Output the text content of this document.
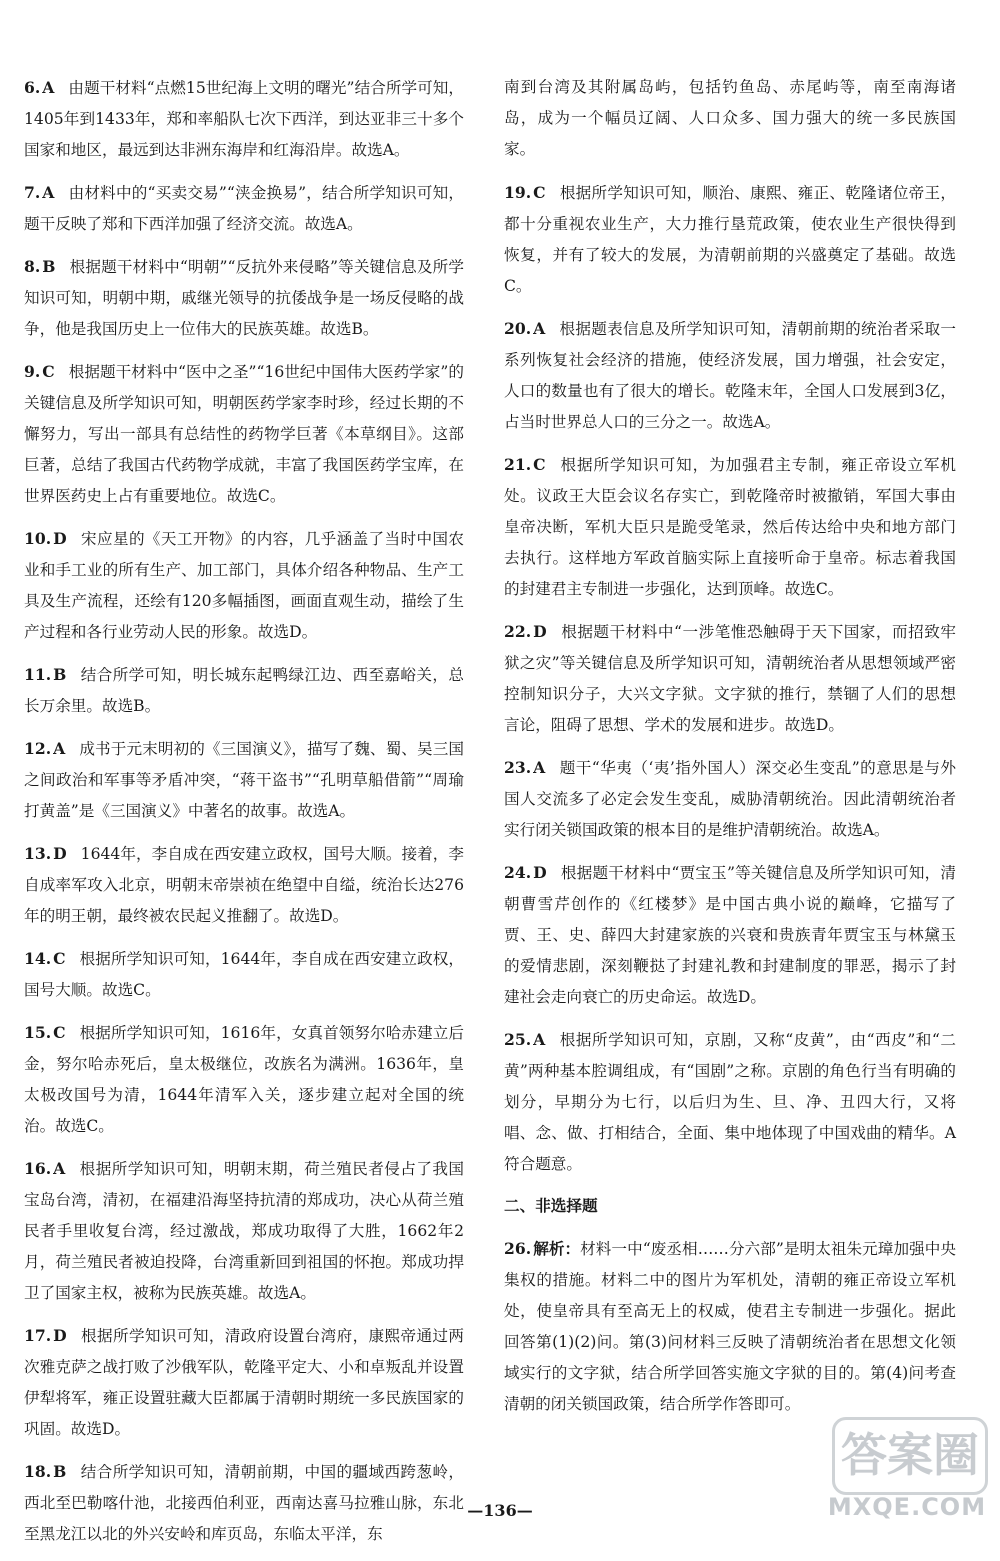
6. A 由题干材料“点燃15世纪海上文明的曙光”结合所学可知，1405年到1433年，郑和率船队七次下西洋，到达亚非三十多个国家和地区，最远到达非洲东海岸和红海沿岸。故选A。

7. A 由材料中的“买卖交易”“浃金换易”，结合所学知识可知，题干反映了郑和下西洋加强了经济交流。故选A。

8. B 根据题干材料中“明朝”“反抗外来侵略”等关键信息及所学知识可知，明朝中期，戚继光领导的抗倭战争是一场反侵略的战争，他是我国历史上一位伟大的民族英雄。故选B。

9. C 根据题干材料中“医中之圣”“16世纪中国伟大医药学家”的关键信息及所学知识可知，明朝医药学家李时珍，经过长期的不懈努力，写出一部具有总结性的药物学巨著《本草纲目》。这部巨著，总结了我国古代药物学成就，丰富了我国医药学宝库，在世界医药史上占有重要地位。故选C。

10. D 宋应星的《天工开物》的内容，几乎涵盖了当时中国农业和手工业的所有生产、加工部门，具体介绍各种物品、生产工具及生产流程，还绘有120多幅插图，画面直观生动，描绘了生产过程和各行业劳动人民的形象。故选D。

11. B 结合所学可知，明长城东起鸭绿江边、西至嘉峪关，总长万余里。故选B。

12. A 成书于元末明初的《三国演义》，描写了魏、蜀、吴三国之间政治和军事等矛盾冲突，“蒋干盗书”“孔明草船借箭”“周瑜打黄盖”是《三国演义》中著名的故事。故选A。

13. D 1644年，李自成在西安建立政权，国号大顺。接着，李自成率军攻入北京，明朝末帝崇祯在绝望中自缢，统治长达276年的明王朝，最终被农民起义推翻了。故选D。

14. C 根据所学知识可知，1644年，李自成在西安建立政权，国号大顺。故选C。

15. C 根据所学知识可知，1616年，女真首领努尔哈赤建立后金，努尔哈赤死后，皇太极继位，改族名为满洲。1636年，皇太极改国号为清，1644年清军入关，逐步建立起对全国的统治。故选C。

16. A 根据所学知识可知，明朝末期，荷兰殖民者侵占了我国宝岛台湾，清初，在福建沿海坚持抗清的郑成功，决心从荷兰殖民者手里收复台湾，经过激战，郑成功取得了大胜，1662年2月，荷兰殖民者被迫投降，台湾重新回到祖国的怀抱。郑成功捍卫了国家主权，被称为民族英雄。故选A。

17. D 根据所学知识可知，清政府设置台湾府，康熙帝通过两次雅克萨之战打败了沙俄军队，乾隆平定大、小和卓叛乱并设置伊犁将军，雍正设置驻藏大臣都属于清朝时期统一多民族国家的巩固。故选D。

18. B 结合所学知识可知，清朝前期，中国的疆域西跨葱岭，西北至巴勒喀什池，北接西伯利亚，西南达喜马拉雅山脉，东北至黑龙江以北的外兴安岭和库页岛，东临太平洋，东

南到台湾及其附属岛屿，包括钓鱼岛、赤尾屿等，南至南海诸岛，成为一个幅员辽阔、人口众多、国力强大的统一多民族国家。

19. C 根据所学知识可知，顺治、康熙、雍正、乾隆诸位帝王，都十分重视农业生产，大力推行垦荒政策，使农业生产很快得到恢复，并有了较大的发展，为清朝前期的兴盛奠定了基础。故选C。

20. A 根据题表信息及所学知识可知，清朝前期的统治者采取一系列恢复社会经济的措施，使经济发展，国力增强，社会安定，人口的数量也有了很大的增长。乾隆末年，全国人口发展到3亿，占当时世界总人口的三分之一。故选A。

21. C 根据所学知识可知，为加强君主专制，雍正帝设立军机处。议政王大臣会议名存实亡，到乾隆帝时被撤销，军国大事由皇帝决断，军机大臣只是跪受笔录，然后传达给中央和地方部门去执行。这样地方军政首脑实际上直接听命于皇帝。标志着我国的封建君主专制进一步强化，达到顶峰。故选C。

22. D 根据题干材料中“一涉笔惟恐触碍于天下国家，而招致牢狱之灾”等关键信息及所学知识可知，清朝统治者从思想领域严密控制知识分子，大兴文字狱。文字狱的推行，禁锢了人们的思想言论，阻碍了思想、学术的发展和进步。故选D。

23. A 题干“华夷（‘夷’指外国人）深交必生变乱”的意思是与外国人交流多了必定会发生变乱，威胁清朝统治。因此清朝统治者实行闭关锁国政策的根本目的是维护清朝统治。故选A。

24. D 根据题干材料中“贾宝玉”等关键信息及所学知识可知，清朝曹雪芹创作的《红楼梦》是中国古典小说的巅峰，它描写了贾、王、史、薛四大封建家族的兴衰和贵族青年贾宝玉与林黛玉的爱情悲剧，深刻鞭挞了封建礼教和封建制度的罪恶，揭示了封建社会走向衰亡的历史命运。故选D。

25. A 根据所学知识可知，京剧，又称“皮黄”，由“西皮”和“二黄”两种基本腔调组成，有“国剧”之称。京剧的角色行当有明确的划分，早期分为七行，以后归为生、旦、净、丑四大行，又将唱、念、做、打相结合，全面、集中地体现了中国戏曲的精华。A符合题意。

二、非选择题

26. 解析：材料一中“废丞相……分六部”是明太祖朱元璋加强中央集权的措施。材料二中的图片为军机处，清朝的雍正帝设立军机处，使皇帝具有至高无上的权威，使君主专制进一步强化。据此回答第(1)(2)问。第(3)问材料三反映了清朝统治者在思想文化领域实行的文字狱，结合所学回答实施文字狱的目的。第(4)问考查清朝的闭关锁国政策，结合所学作答即可。

—136—
答案圈
MXQE.COM
